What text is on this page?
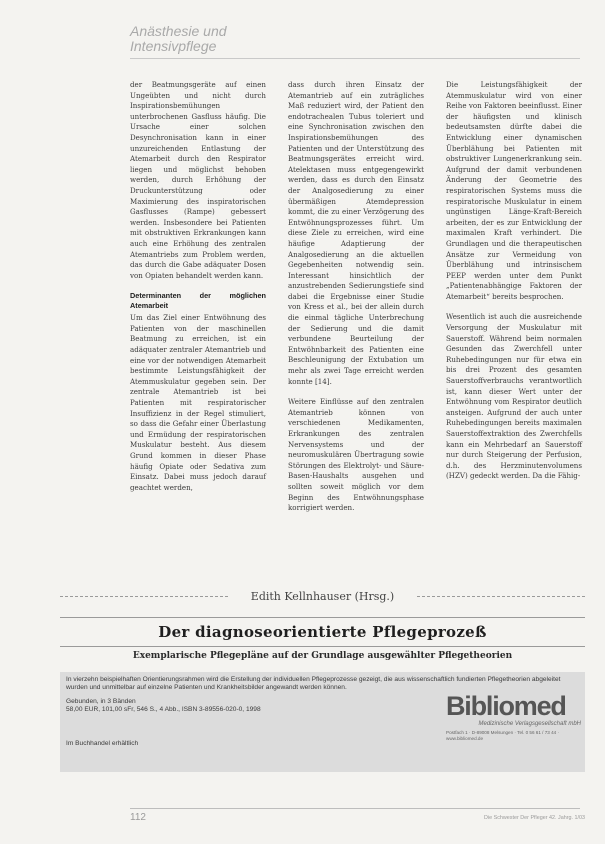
Anästhesie und
Intensivpflege

der Beatmungsgeräte auf einen Ungeübten und nicht durch Inspirationsbemühungen unterbrochenen Gasfluss häufig. Die Ursache einer solchen Desynchronisation kann in einer unzureichenden Entlastung der Atemarbeit durch den Respirator liegen und möglichst behoben werden, durch Erhöhung der Druckunterstützung oder Maximierung des inspiratorischen Gasflusses (Rampe) gebessert werden. Insbesondere bei Patienten mit obstruktiven Erkrankungen kann auch eine Erhöhung des zentralen Atemantriebs zum Problem werden, das durch die Gabe adäquater Dosen von Opiaten behandelt werden kann.

Determinanten der möglichen Atemarbeit

Um das Ziel einer Entwöhnung des Patienten von der maschinellen Beatmung zu erreichen, ist ein adäquater zentraler Atemantrieb und eine vor der notwendigen Atemarbeit bestimmte Leistungsfähigkeit der Atemmuskulatur gegeben sein. Der zentrale Atemantrieb ist bei Patienten mit respiratorischer Insuffizienz in der Regel stimuliert, so dass die Gefahr einer Überlastung und Ermüdung der respiratorischen Muskulatur besteht. Aus diesem Grund kommen in dieser Phase häufig Opiate oder Sedativa zum Einsatz. Dabei muss jedoch darauf geachtet werden,

dass durch ihren Einsatz der Atemantrieb auf ein zuträgliches Maß reduziert wird, der Patient den endotrachealen Tubus toleriert und eine Synchronisation zwischen den Inspirationsbemühungen des Patienten und der Unterstützung des Beatmungsgerätes erreicht wird. Atelektasen muss entgegengewirkt werden, dass es durch den Einsatz der Analgosedierung zu einer übermäßigen Atemdepression kommt, die zu einer Verzögerung des Entwöhnungsprozesses führt. Um diese Ziele zu erreichen, wird eine häufige Adaptierung der Analgosedierung an die aktuellen Gegebenheiten notwendig sein. Interessant hinsichtlich der anzustrebenden Sedierungstiefe sind dabei die Ergebnisse einer Studie von Kress et al., bei der allein durch die einmal tägliche Unterbrechung der Sedierung und die damit verbundene Beurteilung der Entwöhnbarkeit des Patienten eine Beschleunigung der Extubation um mehr als zwei Tage erreicht werden konnte [14].

Weitere Einflüsse auf den zentralen Atemantrieb können von verschiedenen Medikamenten, Erkrankungen des zentralen Nervensystems und der neuromuskulären Übertragung sowie Störungen des Elektrolyt- und Säure-Basen-Haushalts ausgehen und sollten soweit möglich vor dem Beginn des Entwöhnungsphase korrigiert werden.

Die Leistungsfähigkeit der Atemmuskulatur wird von einer Reihe von Faktoren beeinflusst. Einer der häufigsten und klinisch bedeutsamsten dürfte dabei die Entwicklung einer dynamischen Überblähung bei Patienten mit obstruktiver Lungenerkrankung sein. Aufgrund der damit verbundenen Änderung der Geometrie des respiratorischen Systems muss die respiratorische Muskulatur in einem ungünstigen Länge-Kraft-Bereich arbeiten, der es zur Entwicklung der maximalen Kraft verhindert. Die Grundlagen und die therapeutischen Ansätze zur Vermeidung von Überblähung und intrinsischem PEEP werden unter dem Punkt „Patientenabhängige Faktoren der Atemarbeit“ bereits besprochen.

Wesentlich ist auch die ausreichende Versorgung der Muskulatur mit Sauerstoff. Während beim normalen Gesunden das Zwerchfell unter Ruhebedingungen nur für etwa ein bis drei Prozent des gesamten Sauerstoffverbrauchs verantwortlich ist, kann dieser Wert unter der Entwöhnung vom Respirator deutlich ansteigen. Aufgrund der auch unter Ruhebedingungen bereits maximalen Sauerstoffextraktion des Zwerchfells kann ein Mehrbedarf an Sauerstoff nur durch Steigerung der Perfusion, d.h. des Herzminutenvolumens (HZV) gedeckt werden. Da die Fähig-

Edith Kellnhauser (Hrsg.)
Der diagnoseorientierte Pflegeprozeß
Exemplarische Pflegepläne auf der Grundlage ausgewählter Pflegetheorien
In vierzehn beispielhaften Orientierungsrahmen wird die Erstellung der individuellen Pflegeprozesse gezeigt, die aus wissenschaftlich fundierten Pflegetheorien abgeleitet wurden und unmittelbar auf einzelne Patienten und Krankheitsbilder angewandt werden können.
Gebunden, in 3 Bänden
58,00 EUR, 101,00 sFr, 546 S., 4 Abb., ISBN 3-89556-020-0, 1998
Im Buchhandel erhältlich
Bibliomed
Medizinische Verlagsgesellschaft mbH
Postfach 1 · D-89008 Melsungen · Tel. 0 56 61 / 73 44 · www.bibliomed.de
112	Die Schwester Der Pfleger 42. Jahrg. 1/03
